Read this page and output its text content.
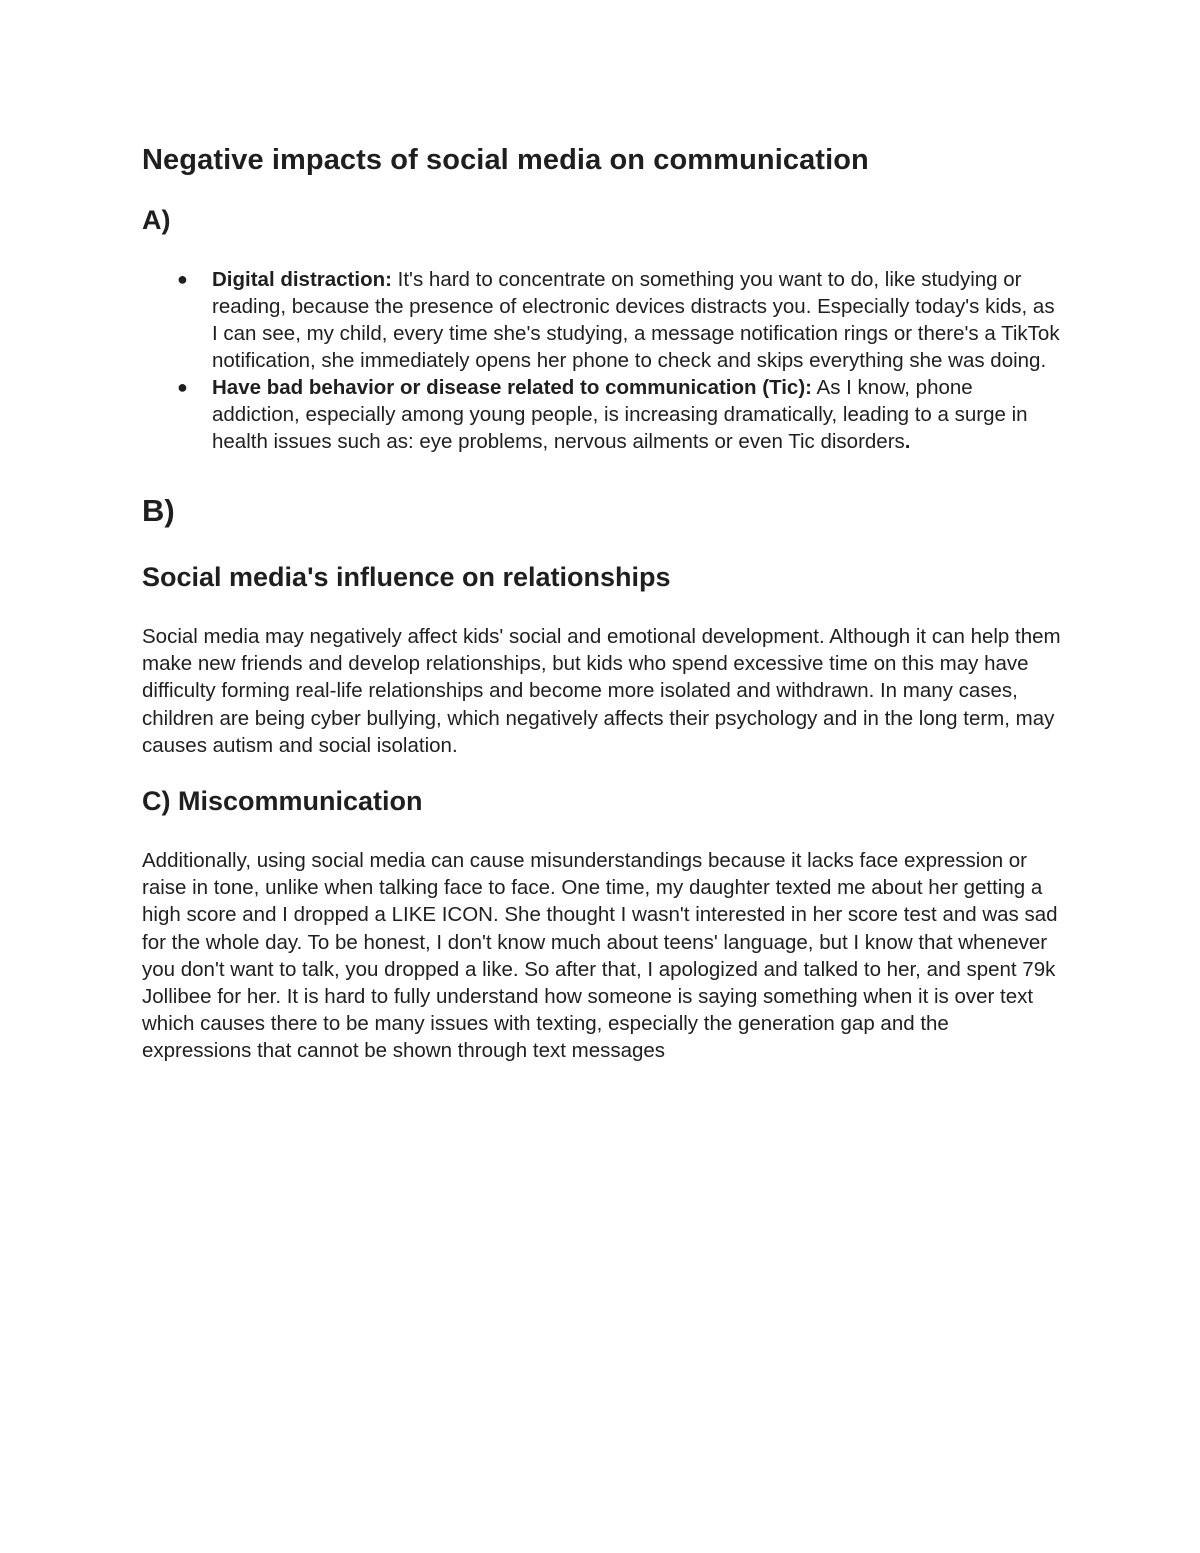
Negative impacts of social media on communication
A)
● Digital distraction: It's hard to concentrate on something you want to do, like studying or reading, because the presence of electronic devices distracts you. Especially today's kids, as I can see, my child, every time she's studying, a message notification rings or there's a TikTok notification, she immediately opens her phone to check and skips everything she was doing.
● Have bad behavior or disease related to communication (Tic): As I know, phone addiction, especially among young people, is increasing dramatically, leading to a surge in health issues such as: eye problems, nervous ailments or even Tic disorders.
B)
Social media's influence on relationships

Social media may negatively affect kids' social and emotional development. Although it can help them make new friends and develop relationships, but kids who spend excessive time on this may have difficulty forming real-life relationships and become more isolated and withdrawn. In many cases, children are being cyber bullying, which negatively affects their psychology and in the long term, may causes autism and social isolation.

C) Miscommunication

Additionally, using social media can cause misunderstandings because it lacks face expression or raise in tone, unlike when talking face to face. One time, my daughter texted me about her getting a high score and I dropped a LIKE ICON. She thought I wasn't interested in her score test and was sad for the whole day. To be honest, I don't know much about teens' language, but I know that whenever you don't want to talk, you dropped a like. So after that, I apologized and talked to her, and spent 79k Jollibee for her. It is hard to fully understand how someone is saying something when it is over text which causes there to be many issues with texting, especially the generation gap and the expressions that cannot be shown through text messages
